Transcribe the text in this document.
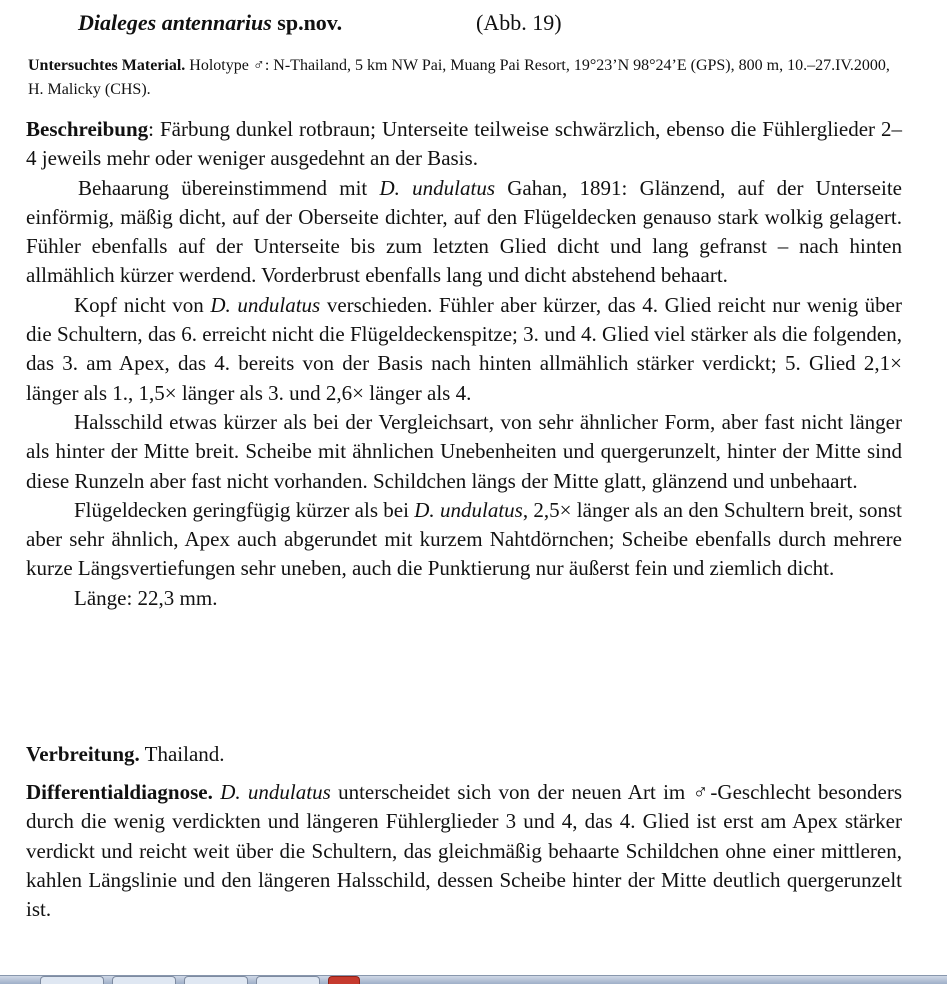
Dialeges antennarius sp.nov.	(Abb. 19)
Untersuchtes Material. Holotype ♂: N-Thailand, 5 km NW Pai, Muang Pai Resort, 19°23’N 98°24’E (GPS), 800 m, 10.–27.IV.2000, H. Malicky (CHS).

Beschreibung: Färbung dunkel rotbraun; Unterseite teilweise schwärzlich, ebenso die Fühlerglieder 2–4 jeweils mehr oder weniger ausgedehnt an der Basis.

Behaarung übereinstimmend mit D. undulatus Gahan, 1891: Glänzend, auf der Unterseite einförmig, mäßig dicht, auf der Oberseite dichter, auf den Flügeldecken genauso stark wolkig gelagert. Fühler ebenfalls auf der Unterseite bis zum letzten Glied dicht und lang gefranst – nach hinten allmählich kürzer werdend. Vorderbrust ebenfalls lang und dicht abstehend behaart.

Kopf nicht von D. undulatus verschieden. Fühler aber kürzer, das 4. Glied reicht nur wenig über die Schultern, das 6. erreicht nicht die Flügeldeckenspitze; 3. und 4. Glied viel stärker als die folgenden, das 3. am Apex, das 4. bereits von der Basis nach hinten allmählich stärker verdickt; 5. Glied 2,1× länger als 1., 1,5× länger als 3. und 2,6× länger als 4.

Halsschild etwas kürzer als bei der Vergleichsart, von sehr ähnlicher Form, aber fast nicht länger als hinter der Mitte breit. Scheibe mit ähnlichen Unebenheiten und quergerunzelt, hinter der Mitte sind diese Runzeln aber fast nicht vorhanden. Schildchen längs der Mitte glatt, glänzend und unbehaart.

Flügeldecken geringfügig kürzer als bei D. undulatus, 2,5× länger als an den Schultern breit, sonst aber sehr ähnlich, Apex auch abgerundet mit kurzem Nahtdörnchen; Scheibe ebenfalls durch mehrere kurze Längsvertiefungen sehr uneben, auch die Punktierung nur äußerst fein und ziemlich dicht.

Länge: 22,3 mm.

Verbreitung. Thailand.

Differentialdiagnose. D. undulatus unterscheidet sich von der neuen Art im ♂-Geschlecht besonders durch die wenig verdickten und längeren Fühlerglieder 3 und 4, das 4. Glied ist erst am Apex stärker verdickt und reicht weit über die Schultern, das gleichmäßig behaarte Schildchen ohne einer mittleren, kahlen Längslinie und den längeren Halsschild, dessen Scheibe hinter der Mitte deutlich quergerunzelt ist.
